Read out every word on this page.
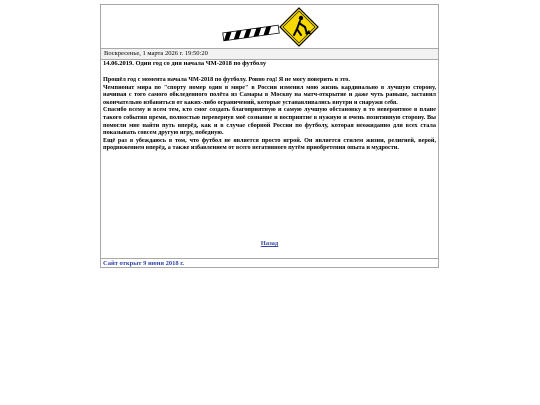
Воскресенье, 1 марта 2026 г. 19:50:20

14.06.2019. Один год со дня начала ЧМ-2018 по футболу

Прошёл год с момента начала ЧМ-2018 по футболу. Ровно год! Я не могу поверить в это.

Чемпионат мира по "спорту номер один в мире" в России изменил мою жизнь кардинально в лучшую сторону, начиная с того самого обкледенного полёта из Самары в Москву на матч-открытие и даже чуть раньше, заставил окончательно избавиться от каких-либо ограничений, которые устанавливались внутри и снаружи себя.

Спасибо всему и всем тем, кто смог создать благоприятную и самую лучшую обстановку в то невероятное в плане такого события время, полностью перевернув моё сознание и восприятие в нужную и очень позитивную сторону. Вы помогли мне найти путь вперёд, как и в случае сборной России по футболу, которая неожиданно для всех стала показывать совсем другую игру, победную.

Ещё раз я убеждаюсь в том, что футбол не является просто игрой. Он является стилем жизни, религией, верой, продвижением вперёд, а также избавлением от всего негативного путём приобретения опыта и мудрости.

Назад
Сайт открыт 9 июня 2018 г.
